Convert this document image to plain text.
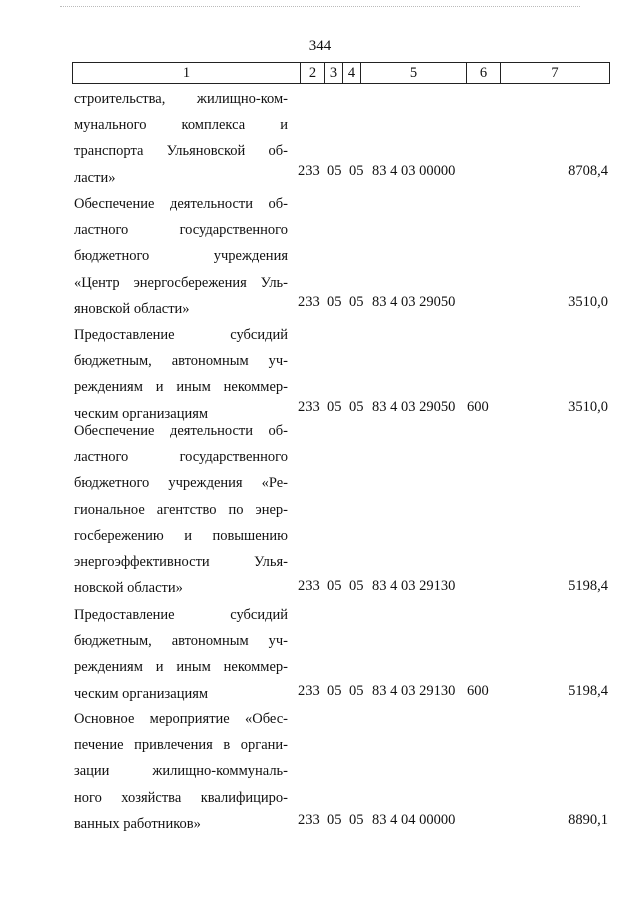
344
1	2 3 4	5	6	7
строительства, жилищно-ком-
мунального комплекса и
транспорта Ульяновской об-
ласти»	233 05 05 83 4 03 00000	8708,4
Обеспечение деятельности об-
ластного государственного
бюджетного учреждения
«Центр энергосбережения Уль-
яновской области»	233 05 05 83 4 03 29050	3510,0
Предоставление субсидий
бюджетным, автономным уч-
реждениям и иным некоммер-
ческим организациям	233 05 05 83 4 03 29050 600	3510,0
Обеспечение деятельности об-
ластного государственного
бюджетного учреждения «Ре-
гиональное агентство по энер-
госбережению и повышению
энергоэффективности Улья-
новской области»	233 05 05 83 4 03 29130	5198,4
Предоставление субсидий
бюджетным, автономным уч-
реждениям и иным некоммер-
ческим организациям	233 05 05 83 4 03 29130 600	5198,4
Основное мероприятие «Обес-
печение привлечения в органи-
зации жилищно-коммуналь-
ного хозяйства квалифициро-
ванных работников»	233 05 05 83 4 04 00000	8890,1
